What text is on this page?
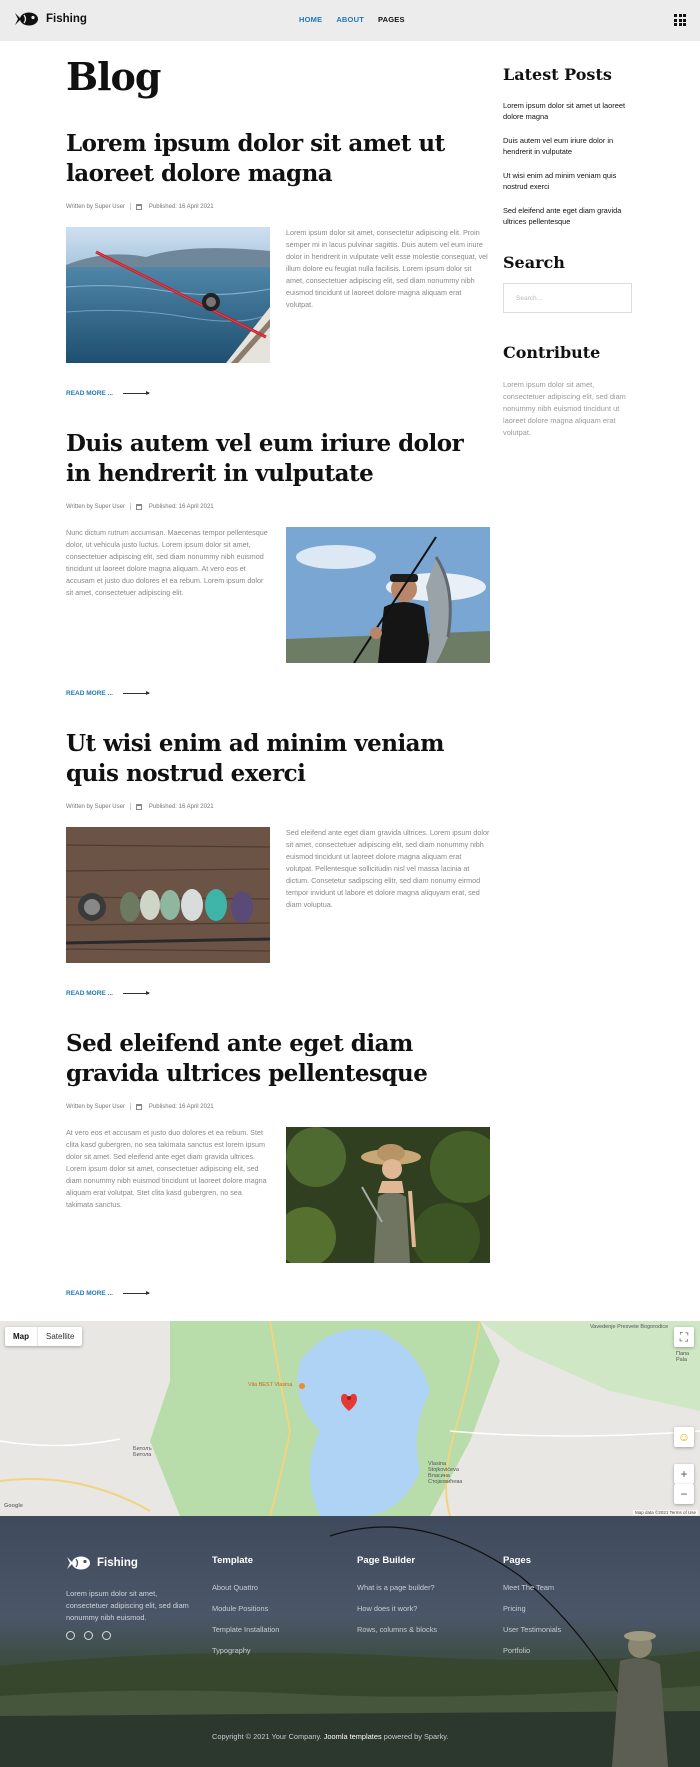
Fishing	HOME ABOUT PAGES
Blog
Lorem ipsum dolor sit amet ut laoreet dolore magna
Written by Super User	Published: 16 April 2021
Lorem ipsum dolor sit amet, consectetur adipiscing elit. Proin semper mi in lacus pulvinar sagittis. Duis autem vel eum iriure dolor in hendrerit in vulputate velit esse molestie consequat, vel illum dolore eu feugiat nulla facilisis. Lorem ipsum dolor sit amet, consectetuer adipiscing elit, sed diam nonummy nibh euismod tincidunt ut laoreet dolore magna aliquam erat volutpat.
READ MORE ...
Duis autem vel eum iriure dolor in hendrerit in vulputate
Written by Super User	Published: 16 April 2021
Nunc dictum rutrum accumsan. Maecenas tempor pellentesque dolor, ut vehicula justo luctus. Lorem ipsum dolor sit amet, consectetuer adipiscing elit, sed diam nonummy nibh euismod tincidunt ut laoreet dolore magna aliquam. At vero eos et accusam et justo duo dolores et ea rebum. Lorem ipsum dolor sit amet, consectetuer adipiscing elit.
READ MORE ...
Ut wisi enim ad minim veniam quis nostrud exerci
Written by Super User	Published: 16 April 2021
Sed eleifend ante eget diam gravida ultrices. Lorem ipsum dolor sit amet, consectetuer adipiscing elit, sed diam nonummy nibh euismod tincidunt ut laoreet dolore magna aliquam erat volutpat. Pellentesque sollicitudin nisl vel massa lacinia at dictum. Consetetur sadipscing elitr, sed diam nonumy eirmod tempor invidunt ut labore et dolore magna aliquyam erat, sed diam voluptua.
READ MORE ...
Sed eleifend ante eget diam gravida ultrices pellentesque
Written by Super User	Published: 16 April 2021
At vero eos et accusam et justo duo dolores et ea rebum. Stet clita kasd gubergren, no sea takimata sanctus est lorem ipsum dolor sit amet. Sed eleifend ante eget diam gravida ultrices. Lorem ipsum dolor sit amet, consectetuer adipiscing elit, sed diam nonummy nibh euismod tincidunt ut laoreet dolore magna aliquam erat volutpat. Stet clita kasd gubergren, no sea takimata sanctus.
READ MORE ...
Latest Posts
Lorem ipsum dolor sit amet ut laoreet dolore magna
Duis autem vel eum iriure dolor in hendrerit in vulputate
Ut wisi enim ad minim veniam quis nostrud exerci
Sed eleifend ante eget diam gravida ultrices pellentesque
Search
Search...
Contribute
Lorem ipsum dolor sit amet, consectetuer adipiscing elit, sed diam nonummy nibh euismod tincidunt ut laoreet dolore magna aliquam erat volutpat.
Map	Satellite
Vila BEST Vlasina
Vavedenje Presvete Bogorodice
Папа Pala
Vlasina Stojkovićeva Власина Стојковићева
Битолъ Битола
⛶
☺
+
−
Google
Map data ©2021 Terms of Use
Fishing
Lorem ipsum dolor sit amet, consectetuer adipiscing elit, sed diam nonummy nibh euismod.
Template
About Quattro
Module Positions
Template Installation
Typography
Page Builder
What is a page builder?
How does it work?
Rows, columns & blocks
Pages
Meet The Team
Pricing
User Testimonials
Portfolio
Copyright © 2021 Your Company. Joomla templates powered by Sparky.
